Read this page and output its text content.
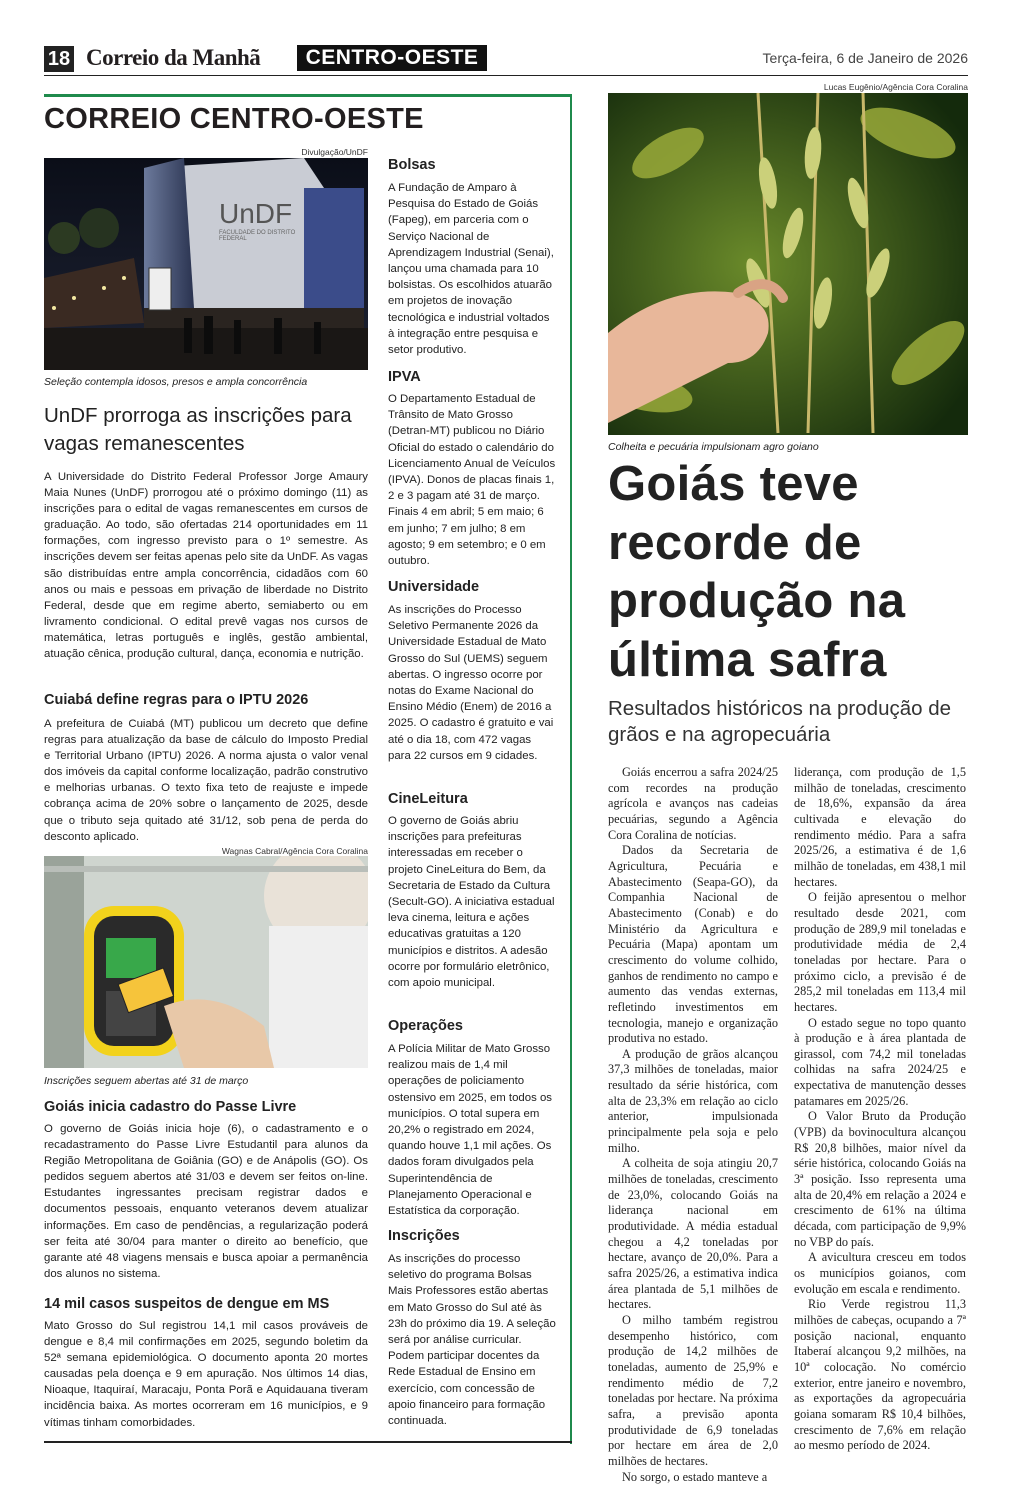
18 Correio da Manhã	CENTRO-OESTE	Terça-feira, 6 de Janeiro de 2026
CORREIO CENTRO-OESTE
Divulgação/UnDF
UnDF
FACULDADE DO DISTRITO FEDERAL
Seleção contempla idosos, presos e ampla concorrência
UnDF prorroga as inscrições para vagas remanescentes
A Universidade do Distrito Federal Professor Jorge Amaury Maia Nunes (UnDF) prorrogou até o próximo domingo (11) as inscrições para o edital de vagas remanescentes em cursos de graduação. Ao todo, são ofertadas 214 oportunidades em 11 formações, com ingresso previsto para o 1º semestre. As inscrições devem ser feitas apenas pelo site da UnDF. As vagas são distribuídas entre ampla concorrência, cidadãos com 60 anos ou mais e pessoas em privação de liberdade no Distrito Federal, desde que em regime aberto, semiaberto ou em livramento condicional. O edital prevê vagas nos cursos de matemática, letras português e inglês, gestão ambiental, atuação cênica, produção cultural, dança, economia e nutrição.
Cuiabá define regras para o IPTU 2026
A prefeitura de Cuiabá (MT) publicou um decreto que define regras para atualização da base de cálculo do Imposto Predial e Territorial Urbano (IPTU) 2026. A norma ajusta o valor venal dos imóveis da capital conforme localização, padrão construtivo e melhorias urbanas. O texto fixa teto de reajuste e impede cobrança acima de 20% sobre o lançamento de 2025, desde que o tributo seja quitado até 31/12, sob pena de perda do desconto aplicado.
Wagnas Cabral/Agência Cora Coralina
Inscrições seguem abertas até 31 de março
Goiás inicia cadastro do Passe Livre
O governo de Goiás inicia hoje (6), o cadastramento e o recadastramento do Passe Livre Estudantil para alunos da Região Metropolitana de Goiânia (GO) e de Anápolis (GO). Os pedidos seguem abertos até 31/03 e devem ser feitos on-line. Estudantes ingressantes precisam registrar dados e documentos pessoais, enquanto veteranos devem atualizar informações. Em caso de pendências, a regularização poderá ser feita até 30/04 para manter o direito ao benefício, que garante até 48 viagens mensais e busca apoiar a permanência dos alunos no sistema.
14 mil casos suspeitos de dengue em MS
Mato Grosso do Sul registrou 14,1 mil casos prováveis de dengue e 8,4 mil confirmações em 2025, segundo boletim da 52ª semana epidemiológica. O documento aponta 20 mortes causadas pela doença e 9 em apuração. Nos últimos 14 dias, Nioaque, Itaquiraí, Maracaju, Ponta Porã e Aquidauana tiveram incidência baixa. As mortes ocorreram em 16 municípios, e 9 vítimas tinham comorbidades.
Bolsas
A Fundação de Amparo à Pesquisa do Estado de Goiás (Fapeg), em parceria com o Serviço Nacional de Aprendizagem Industrial (Senai), lançou uma chamada para 10 bolsistas. Os escolhidos atuarão em projetos de inovação tecnológica e industrial voltados à integração entre pesquisa e setor produtivo.
IPVA
O Departamento Estadual de Trânsito de Mato Grosso (Detran-MT) publicou no Diário Oficial do estado o calendário do Licenciamento Anual de Veículos (IPVA). Donos de placas finais 1, 2 e 3 pagam até 31 de março. Finais 4 em abril; 5 em maio; 6 em junho; 7 em julho; 8 em agosto; 9 em setembro; e 0 em outubro.
Universidade
As inscrições do Processo Seletivo Permanente 2026 da Universidade Estadual de Mato Grosso do Sul (UEMS) seguem abertas. O ingresso ocorre por notas do Exame Nacional do Ensino Médio (Enem) de 2016 a 2025. O cadastro é gratuito e vai até o dia 18, com 472 vagas para 22 cursos em 9 cidades.
CineLeitura
O governo de Goiás abriu inscrições para prefeituras interessadas em receber o projeto CineLeitura do Bem, da Secretaria de Estado da Cultura (Secult-GO). A iniciativa estadual leva cinema, leitura e ações educativas gratuitas a 120 municípios e distritos. A adesão ocorre por formulário eletrônico, com apoio municipal.
Operações
A Polícia Militar de Mato Grosso realizou mais de 1,4 mil operações de policiamento ostensivo em 2025, em todos os municípios. O total supera em 20,2% o registrado em 2024, quando houve 1,1 mil ações. Os dados foram divulgados pela Superintendência de Planejamento Operacional e Estatística da corporação.
Inscrições
As inscrições do processo seletivo do programa Bolsas Mais Professores estão abertas em Mato Grosso do Sul até às 23h do próximo dia 19. A seleção será por análise curricular. Podem participar docentes da Rede Estadual de Ensino em exercício, com concessão de apoio financeiro para formação continuada.
Lucas Eugênio/Agência Cora Coralina
Colheita e pecuária impulsionam agro goiano
Goiás teve recorde de produção na última safra
Resultados históricos na produção de grãos e na agropecuária

Goiás encerrou a safra 2024/25 com recordes na produção agrícola e avanços nas cadeias pecuárias, segundo a Agência Cora Coralina de notícias.

Dados da Secretaria de Agricultura, Pecuária e Abastecimento (Seapa-GO), da Companhia Nacional de Abastecimento (Conab) e do Ministério da Agricultura e Pecuária (Mapa) apontam um crescimento do volume colhido, ganhos de rendimento no campo e aumento das vendas externas, refletindo investimentos em tecnologia, manejo e organização produtiva no estado.

A produção de grãos alcançou 37,3 milhões de toneladas, maior resultado da série histórica, com alta de 23,3% em relação ao ciclo anterior, impulsionada principalmente pela soja e pelo milho.

A colheita de soja atingiu 20,7 milhões de toneladas, crescimento de 23,0%, colocando Goiás na liderança nacional em produtividade. A média estadual chegou a 4,2 toneladas por hectare, avanço de 20,0%. Para a safra 2025/26, a estimativa indica área plantada de 5,1 milhões de hectares.

O milho também registrou desempenho histórico, com produção de 14,2 milhões de toneladas, aumento de 25,9% e rendimento médio de 7,2 toneladas por hectare. Na próxima safra, a previsão aponta produtividade de 6,9 toneladas por hectare em área de 2,0 milhões de hectares.

No sorgo, o estado manteve a

liderança, com produção de 1,5 milhão de toneladas, crescimento de 18,6%, expansão da área cultivada e elevação do rendimento médio. Para a safra 2025/26, a estimativa é de 1,6 milhão de toneladas, em 438,1 mil hectares.

O feijão apresentou o melhor resultado desde 2021, com produção de 289,9 mil toneladas e produtividade média de 2,4 toneladas por hectare. Para o próximo ciclo, a previsão é de 285,2 mil toneladas em 113,4 mil hectares.

O estado segue no topo quanto à produção e à área plantada de girassol, com 74,2 mil toneladas colhidas na safra 2024/25 e expectativa de manutenção desses patamares em 2025/26.

O Valor Bruto da Produção (VPB) da bovinocultura alcançou R$ 20,8 bilhões, maior nível da série histórica, colocando Goiás na 3ª posição. Isso representa uma alta de 20,4% em relação a 2024 e crescimento de 61% na última década, com participação de 9,9% no VBP do país.

A avicultura cresceu em todos os municípios goianos, com evolução em escala e rendimento.

Rio Verde registrou 11,3 milhões de cabeças, ocupando a 7ª posição nacional, enquanto Itaberaí alcançou 9,2 milhões, na 10ª colocação. No comércio exterior, entre janeiro e novembro, as exportações da agropecuária goiana somaram R$ 10,4 bilhões, crescimento de 7,6% em relação ao mesmo período de 2024.
